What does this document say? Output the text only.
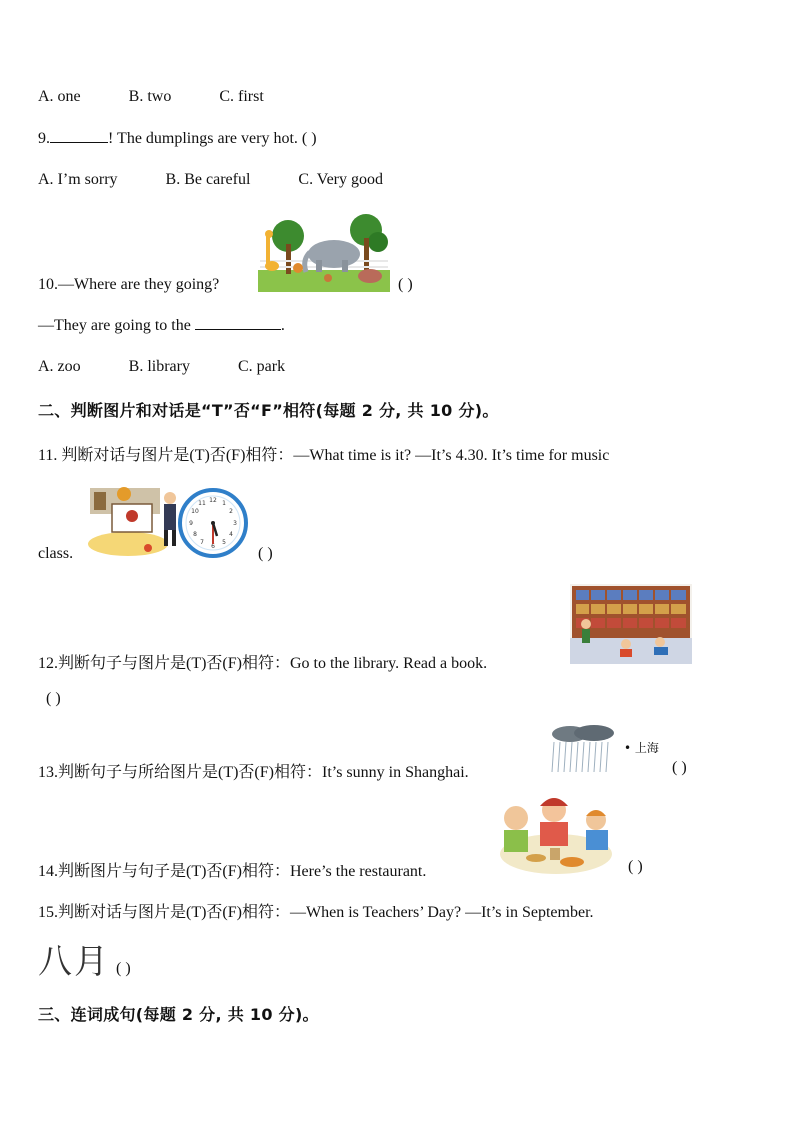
A. one	B. two	C. first
9.	! The dumplings are very hot. ( )
A. I’m sorry	B. Be careful	C. Very good
10.—Where are they going?	( )
—They are going to the	.
A. zoo	B. library	C. park
二、判断图片和对话是“T”否“F”相符(每题 2 分, 共 10 分)。
11. 判断对话与图片是(T)否(F)相符：—What time is it? —It’s 4.30. It’s time for music
12 1
2
3
4
5
6
7
8
9
10
11
class.	( )
12.判断句子与图片是(T)否(F)相符：Go to the library. Read a book.
( )
• 上海
13.判断句子与所给图片是(T)否(F)相符：It’s sunny in Shanghai.	( )
14.判断图片与句子是(T)否(F)相符：Here’s the restaurant.	( )
15.判断对话与图片是(T)否(F)相符：—When is Teachers’ Day? —It’s in September.
八月 ( )
三、连词成句(每题 2 分, 共 10 分)。
